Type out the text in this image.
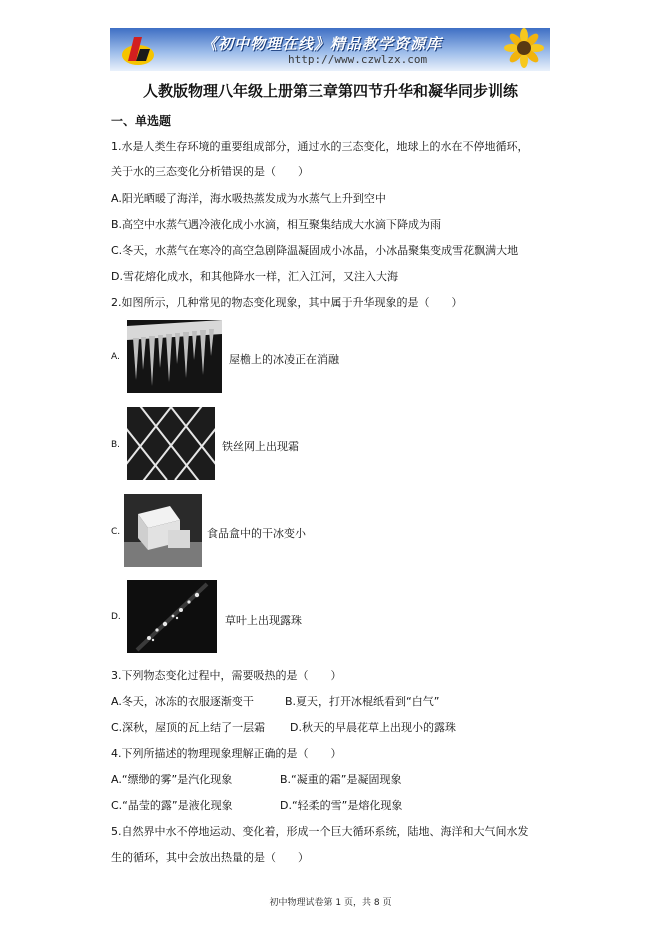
《初中物理在线》精品教学资源库
http://www.czwlzx.com
人教版物理八年级上册第三章第四节升华和凝华同步训练
一、单选题
1.水是人类生存环境的重要组成部分，通过水的三态变化，地球上的水在不停地循环，
关于水的三态变化分析错误的是（　　）
A.阳光晒暖了海洋，海水吸热蒸发成为水蒸气上升到空中
B.高空中水蒸气遇冷液化成小水滴，相互聚集结成大水滴下降成为雨
C.冬天，水蒸气在寒冷的高空急剧降温凝固成小冰晶，小冰晶聚集变成雪花飘满大地
D.雪花熔化成水，和其他降水一样，汇入江河，又注入大海
2.如图所示，几种常见的物态变化现象，其中属于升华现象的是（　　）
A.	屋檐上的冰凌正在消融
B.	铁丝网上出现霜
C.	食品盒中的干冰变小
D.	草叶上出现露珠
3.下列物态变化过程中，需要吸热的是（　　）
A.冬天，冰冻的衣服逐渐变干	B.夏天，打开冰棍纸看到“白气”
C.深秋，屋顶的瓦上结了一层霜 D.秋天的早晨花草上出现小的露珠
4.下列所描述的物理现象理解正确的是（　　）
A.“缥缈的雾”是汽化现象	B.“凝重的霜”是凝固现象
C.“晶莹的露”是液化现象	D.“轻柔的雪”是熔化现象
5.自然界中水不停地运动、变化着，形成一个巨大循环系统，陆地、海洋和大气间水发
生的循环，其中会放出热量的是（　　）
初中物理试卷第 1 页，共 8 页
